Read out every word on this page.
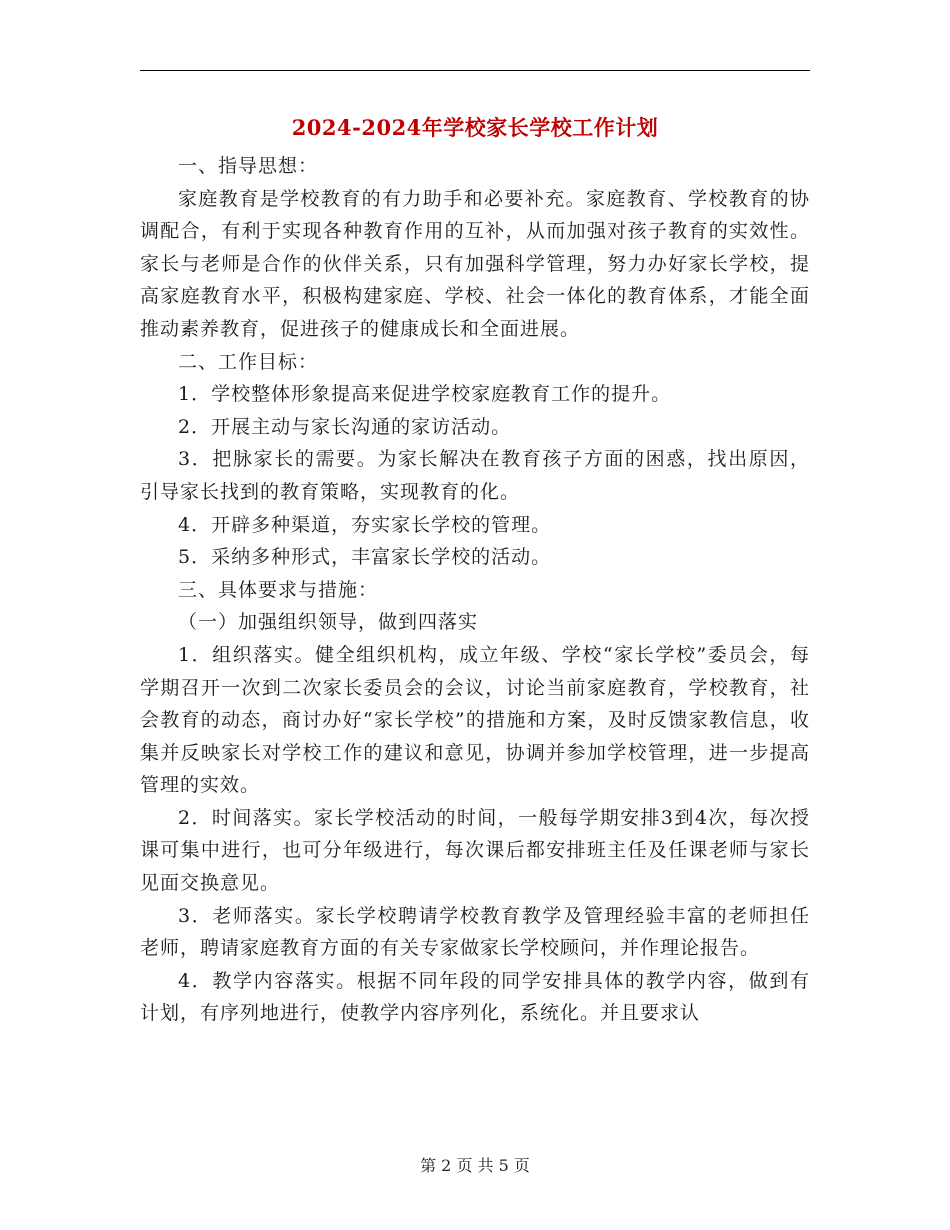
2024-2024年学校家长学校工作计划

一、指导思想：

家庭教育是学校教育的有力助手和必要补充。家庭教育、学校教育的协调配合，有利于实现各种教育作用的互补，从而加强对孩子教育的实效性。家长与老师是合作的伙伴关系，只有加强科学管理，努力办好家长学校，提高家庭教育水平，积极构建家庭、学校、社会一体化的教育体系，才能全面推动素养教育，促进孩子的健康成长和全面进展。

二、工作目标：

1．学校整体形象提高来促进学校家庭教育工作的提升。

2．开展主动与家长沟通的家访活动。

3．把脉家长的需要。为家长解决在教育孩子方面的困惑，找出原因，引导家长找到的教育策略，实现教育的化。

4．开辟多种渠道，夯实家长学校的管理。

5．采纳多种形式，丰富家长学校的活动。

三、具体要求与措施：

（一）加强组织领导，做到四落实

1．组织落实。健全组织机构，成立年级、学校“家长学校”委员会，每学期召开一次到二次家长委员会的会议，讨论当前家庭教育，学校教育，社会教育的动态，商讨办好“家长学校”的措施和方案，及时反馈家教信息，收集并反映家长对学校工作的建议和意见，协调并参加学校管理，进一步提高管理的实效。

2．时间落实。家长学校活动的时间，一般每学期安排3到4次，每次授课可集中进行，也可分年级进行，每次课后都安排班主任及任课老师与家长见面交换意见。

3．老师落实。家长学校聘请学校教育教学及管理经验丰富的老师担任老师，聘请家庭教育方面的有关专家做家长学校顾问，并作理论报告。

4．教学内容落实。根据不同年段的同学安排具体的教学内容，做到有计划，有序列地进行，使教学内容序列化，系统化。并且要求认

第 2 页 共 5 页
